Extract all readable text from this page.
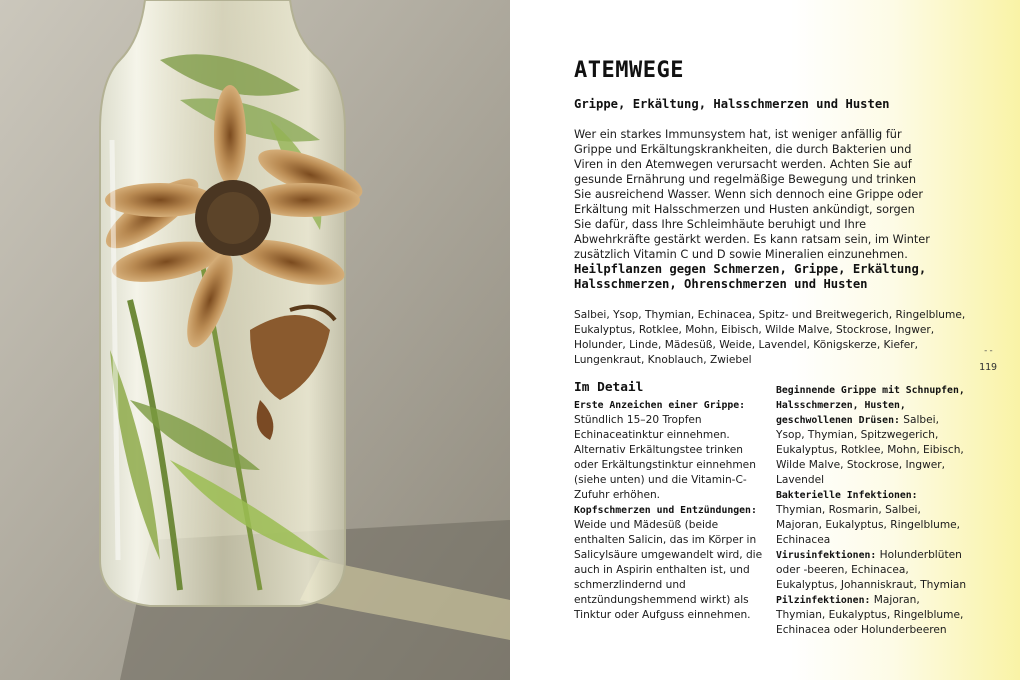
ATEMWEGE
Grippe, Erkältung, Halsschmerzen und Husten

Wer ein starkes Immunsystem hat, ist weniger anfällig für Grippe und Erkältungskrankheiten, die durch Bakterien und Viren in den Atemwegen verursacht werden. Achten Sie auf gesunde Ernährung und regelmäßige Bewegung und trinken Sie ausreichend Wasser. Wenn sich dennoch eine Grippe oder Erkältung mit Halsschmerzen und Husten ankündigt, sorgen Sie dafür, dass Ihre Schleimhäute beruhigt und Ihre Abwehrkräfte gestärkt werden. Es kann ratsam sein, im Winter zusätzlich Vitamin C und D sowie Mineralien einzunehmen.

Heilpflanzen gegen Schmerzen, Grippe, Erkältung, Halsschmerzen, Ohrenschmerzen und Husten

Salbei, Ysop, Thymian, Echinacea, Spitz- und Breitwegerich, Ringelblume, Eukalyptus, Rotklee, Mohn, Eibisch, Wilde Malve, Stockrose, Ingwer, Holunder, Linde, Mädesüß, Weide, Lavendel, Königskerze, Kiefer, Lungenkraut, Knoblauch, Zwiebel

Im Detail

Erste Anzeichen einer Grippe: Stündlich 15–20 Tropfen Echinaceatinktur einnehmen. Alternativ Erkältungstee trinken oder Erkältungstinktur einnehmen (siehe unten) und die Vitamin-C-Zufuhr erhöhen.

Kopfschmerzen und Entzündungen: Weide und Mädesüß (beide enthalten Salicin, das im Körper in Salicylsäure umgewandelt wird, die auch in Aspirin enthalten ist, und schmerzlindernd und entzündungshemmend wirkt) als Tinktur oder Aufguss einnehmen.

Beginnende Grippe mit Schnupfen, Halsschmerzen, Husten, geschwollenen Drüsen: Salbei, Ysop, Thymian, Spitzwegerich, Eukalyptus, Rotklee, Mohn, Eibisch, Wilde Malve, Stockrose, Ingwer, Lavendel

Bakterielle Infektionen: Thymian, Rosmarin, Salbei, Majoran, Eukalyptus, Ringelblume, Echinacea

Virusinfektionen: Holunderblüten oder -beeren, Echinacea, Eukalyptus, Johanniskraut, Thymian

Pilzinfektionen: Majoran, Thymian, Eukalyptus, Ringelblume, Echinacea oder Holunderbeeren

--
119
